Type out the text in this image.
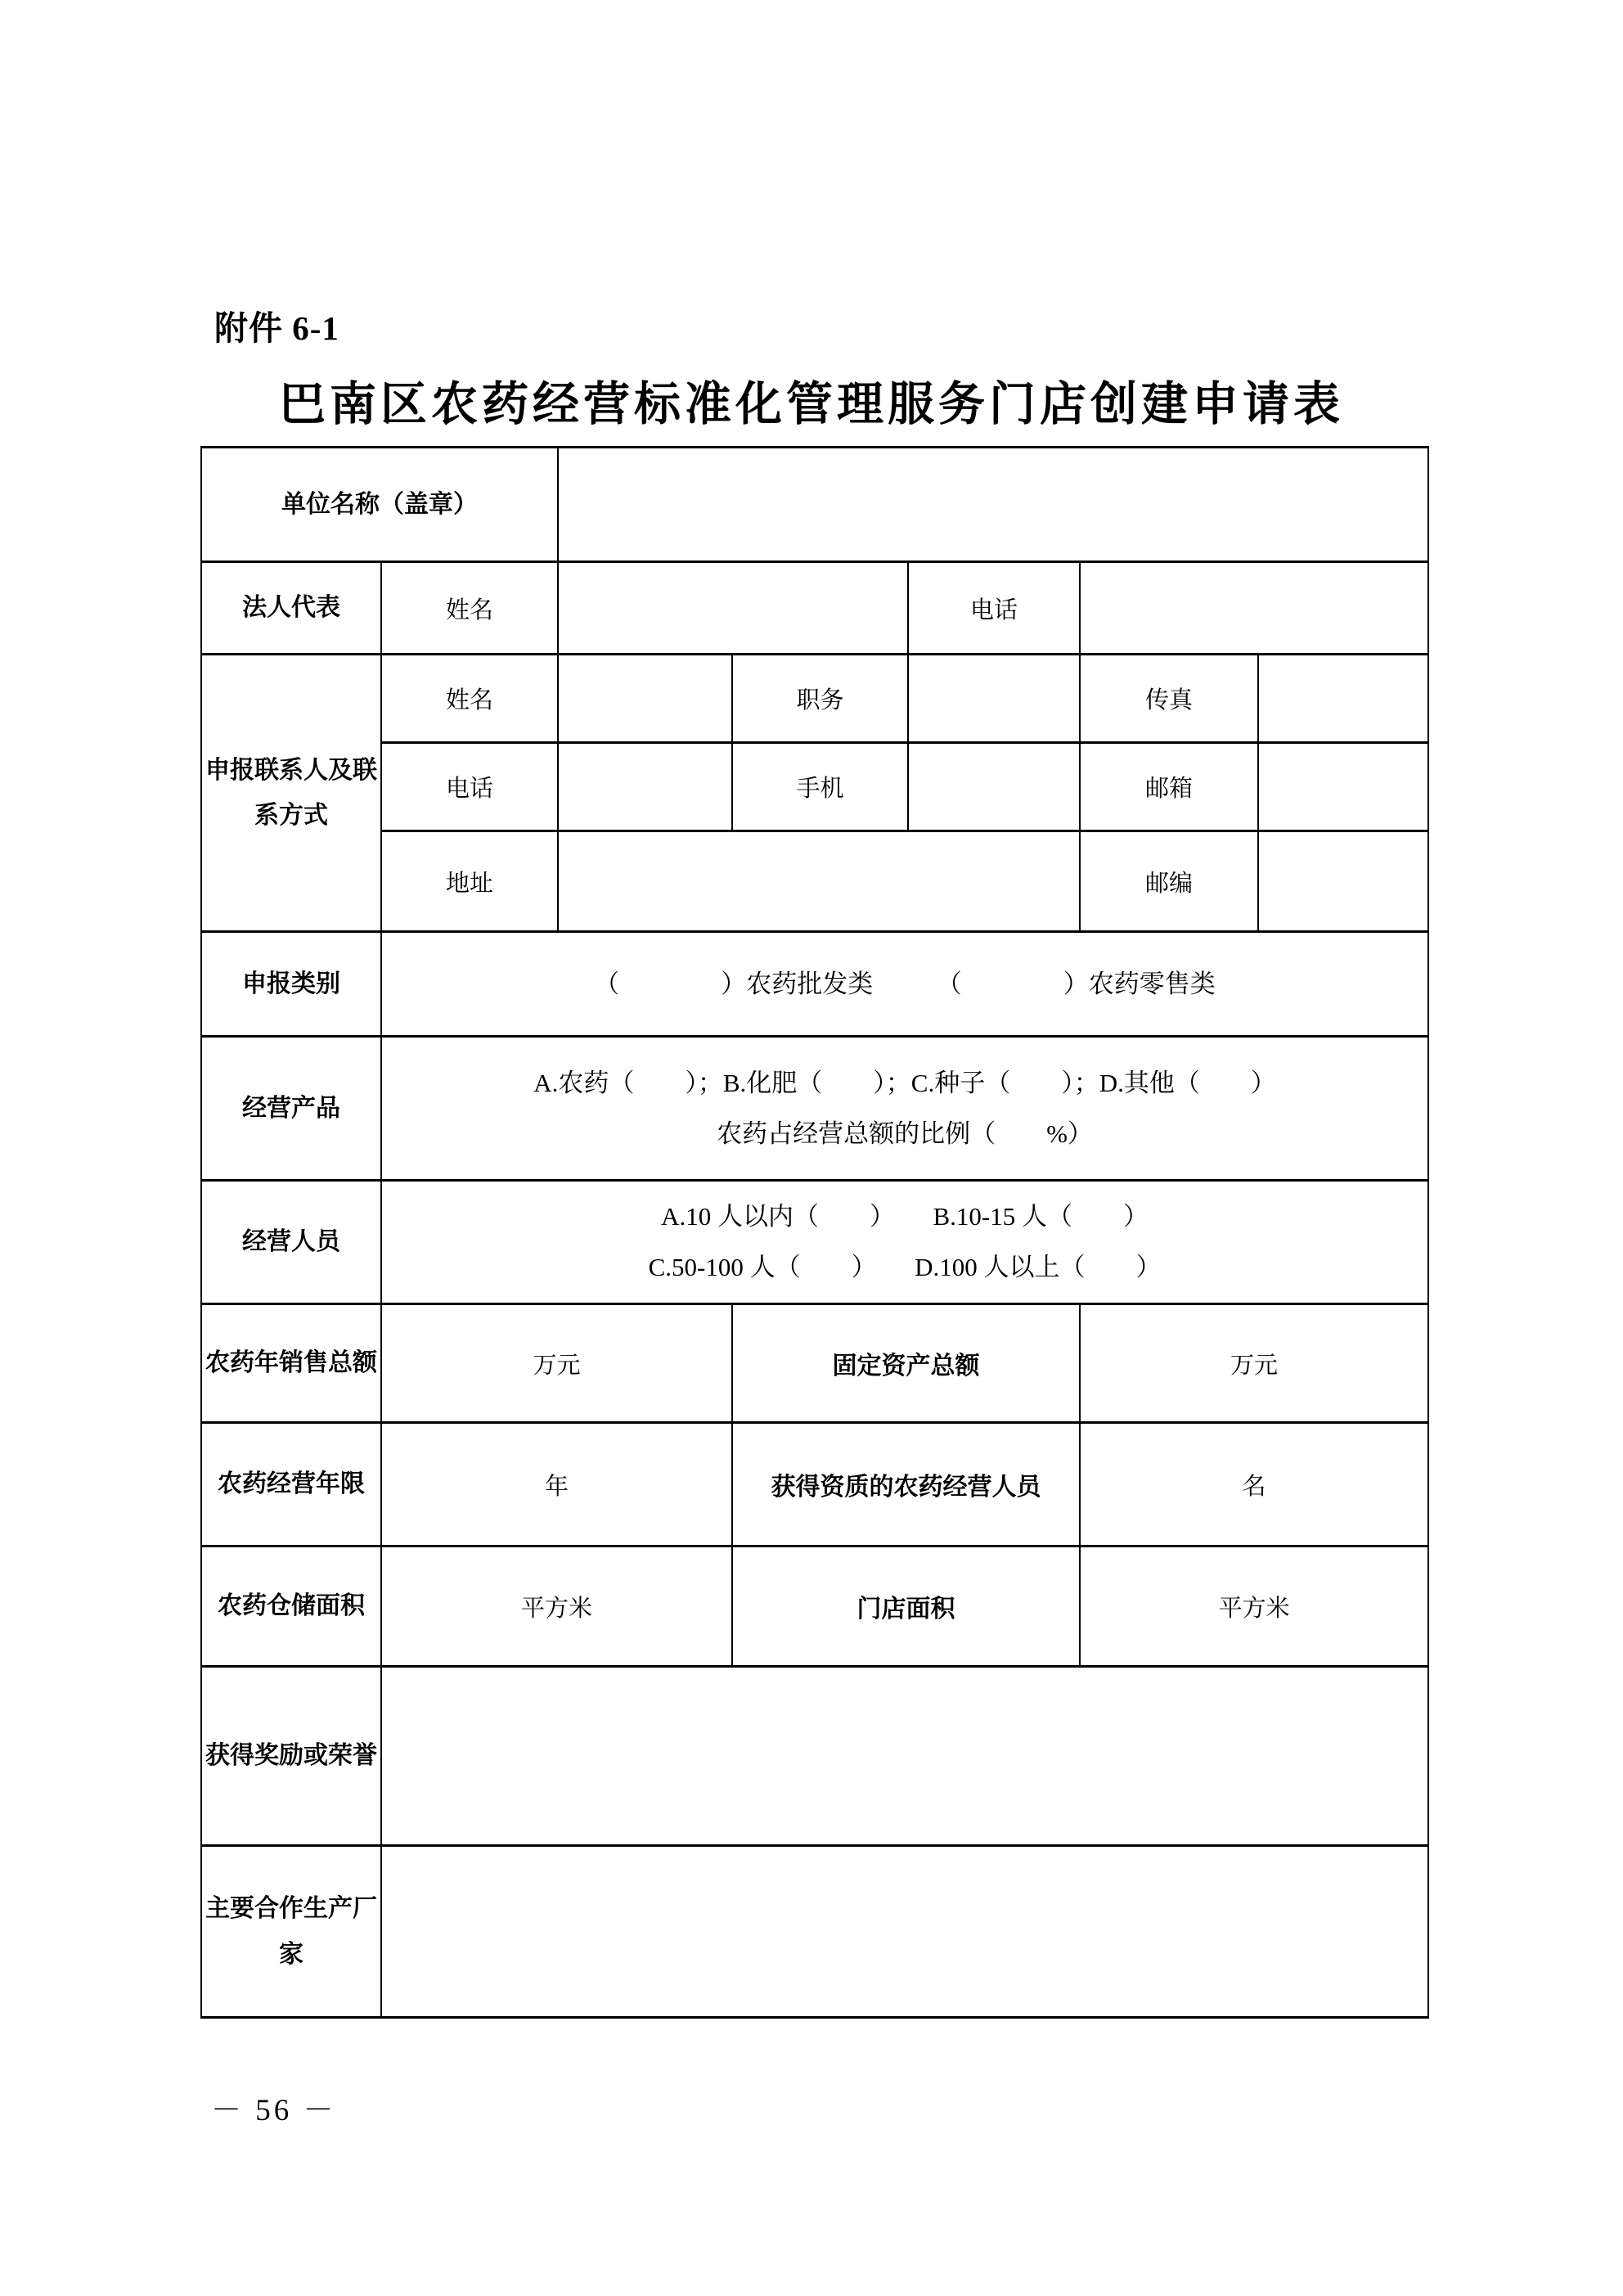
附件 6-1
巴南区农药经营标准化管理服务门店创建申请表
单位名称（盖章）						
法人代表	姓名			电话		
申报联系人及联系方式	姓名		职务		传真	
	电话		手机		邮箱	
	地址				邮编	
申报类别	（　　　　）农药批发类　　　（　　　　）农药零售类					
经营产品	A.农药（　　）；B.化肥（　　）；C.种子（　　）；D.其他（　　）
农药占经营总额的比例（　　%）					

经营人员	A.10 人以内（　　）　　B.10-15 人（　　）
C.50-100 人（　　）　　D.100 人以上（　　）					

农药年销售总额	万元		固定资产总额		万元	
农药经营年限	年		获得资质的农药经营人员		名	
农药仓储面积	平方米		门店面积		平方米	
获得奖励或荣誉						
主要合作生产厂家						
－ 56 －
